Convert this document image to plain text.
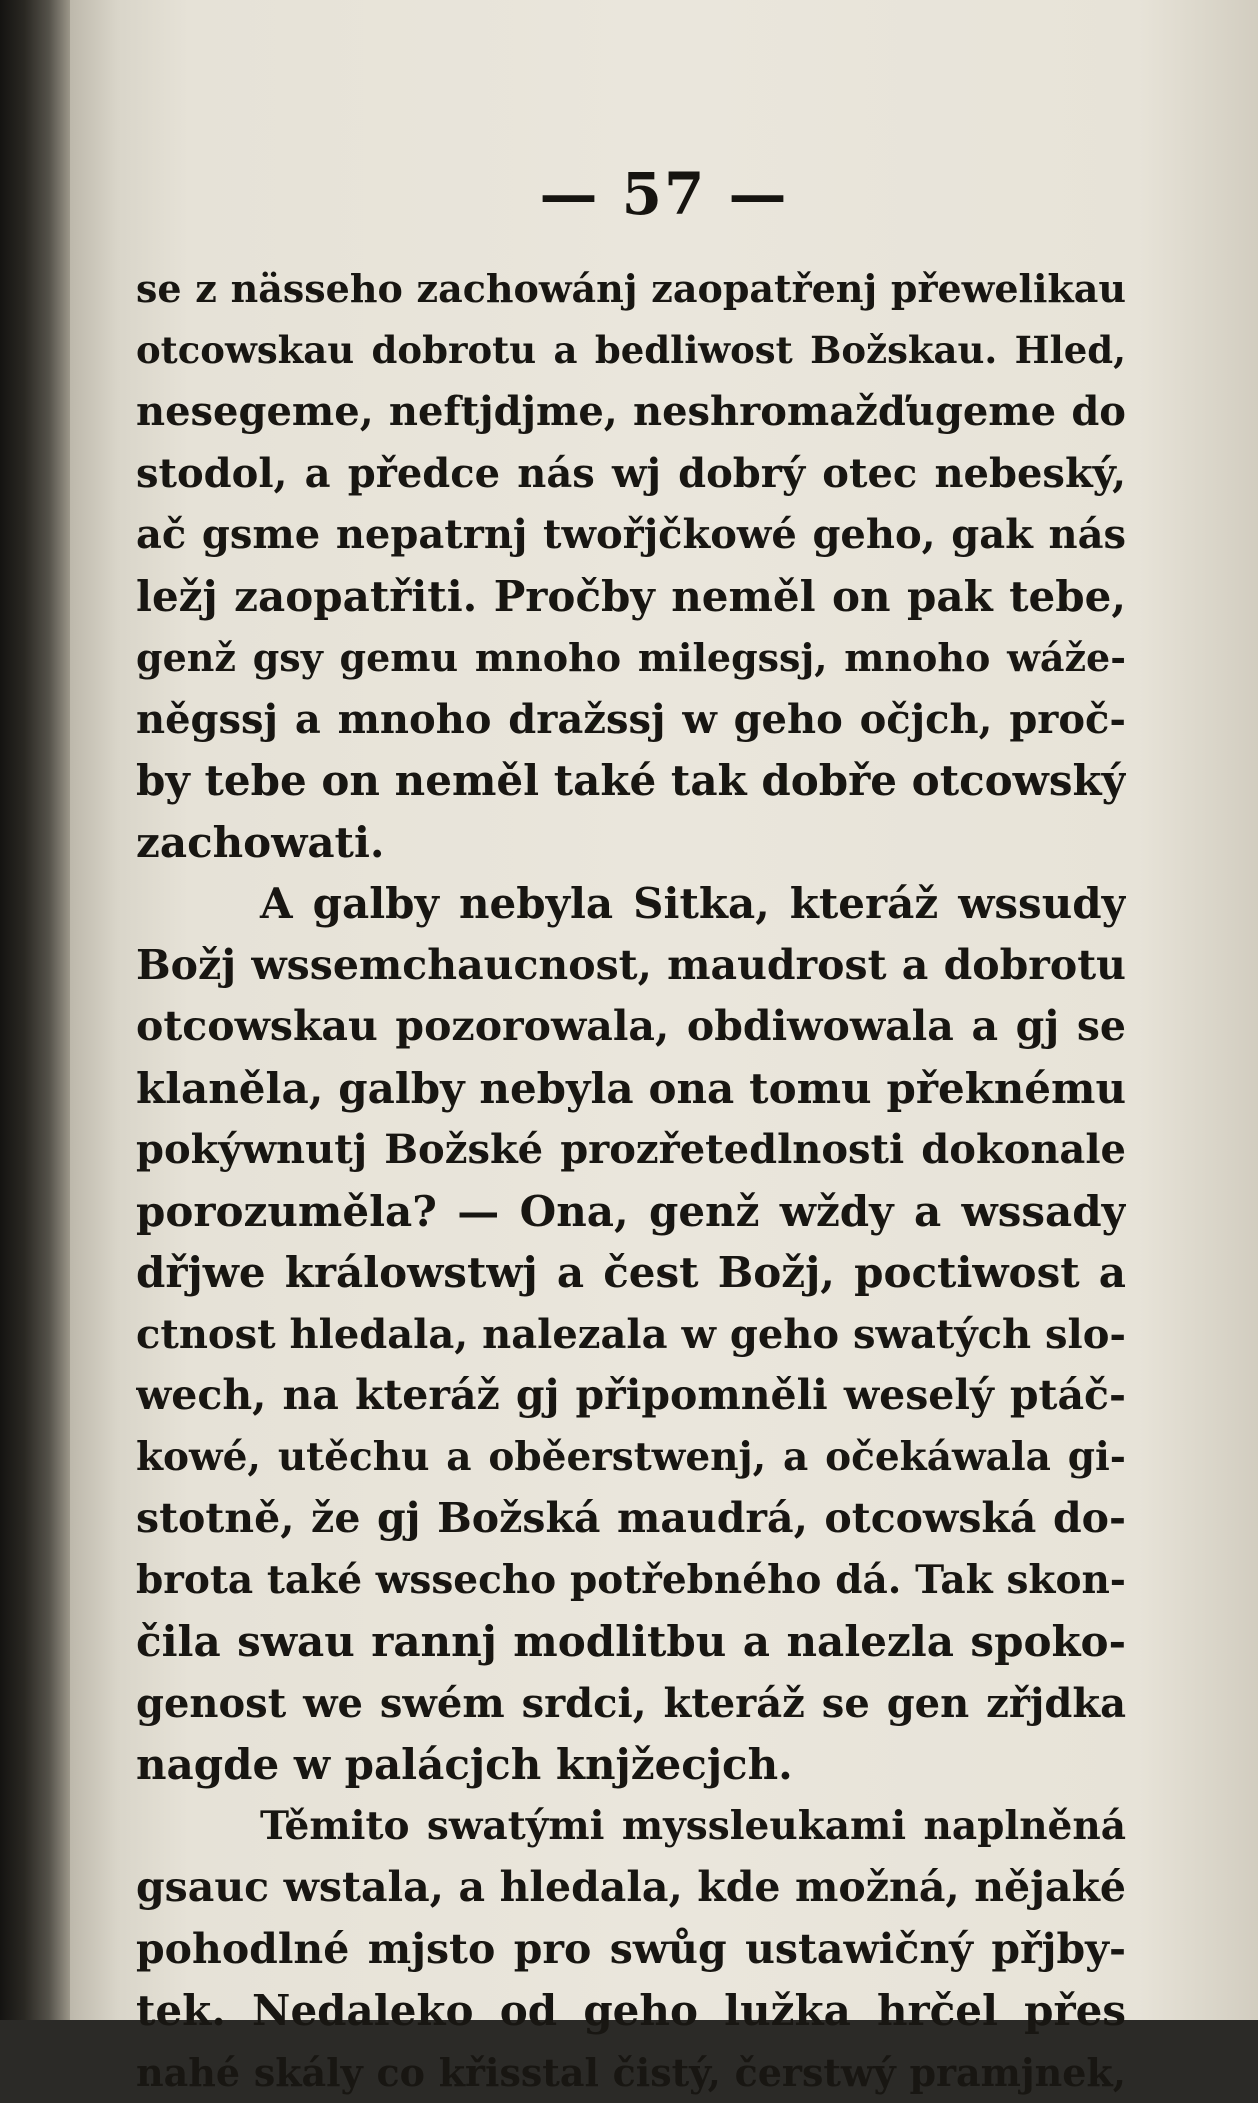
— 57 —
se z nässeho zachowánj zaopatřenj přewelikau
otcowskau dobrotu a bedliwost Božskau. Hled,
nesegeme, neftjdjme, neshromažďugeme do
stodol, a předce nás wj dobrý otec nebeský,
ač gsme nepatrnj twořjčkowé geho, gak nás
ležj zaopatřiti. Pročby neměl on pak tebe,
genž gsy gemu mnoho milegssj, mnoho wáže-
něgssj a mnoho dražssj w geho očjch, proč-
by tebe on neměl také tak dobře otcowský
zachowati.
A galby nebyla Sitka, kteráž wssudy
Božj wssemchaucnost, maudrost a dobrotu
otcowskau pozorowala, obdiwowala a gj se
klaněla, galby nebyla ona tomu překnému
pokýwnutj Božské prozřetedlnosti dokonale
porozuměla? — Ona, genž wždy a wssady
dřjwe králowstwj a čest Božj, poctiwost a
ctnost hledala, nalezala w geho swatých slo-
wech, na kteráž gj připomněli weselý ptáč-
kowé, utěchu a oběerstwenj, a očekáwala gi-
stotně, že gj Božská maudrá, otcowská do-
brota také wssecho potřebného dá. Tak skon-
čila swau rannj modlitbu a nalezla spoko-
genost we swém srdci, kteráž se gen zřjdka
nagde w palácjch knjžecjch.
Těmito swatými myssleukami naplněná
gsauc wstala, a hledala, kde možná, nějaké
pohodlné mjsto pro swůg ustawičný přjby-
tek. Nedaleko od geho lužka hrčel přes
nahé skály co křisstal čistý, čerstwý pramjnek,
